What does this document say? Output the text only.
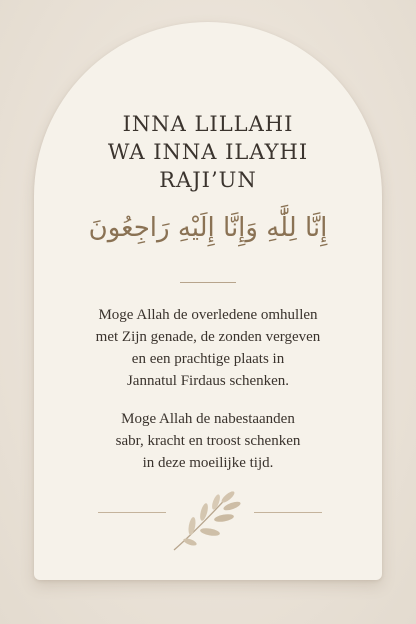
INNA LILLAHI
WA INNA ILAYHI
RAJI’UN
إِنَّا لِلَّٰهِ وَإِنَّا إِلَيْهِ رَاجِعُونَ
Moge Allah de overledene omhullen
met Zijn genade, de zonden vergeven
en een prachtige plaats in
Jannatul Firdaus schenken.
Moge Allah de nabestaanden
sabr, kracht en troost schenken
in deze moeilijke tijd.
